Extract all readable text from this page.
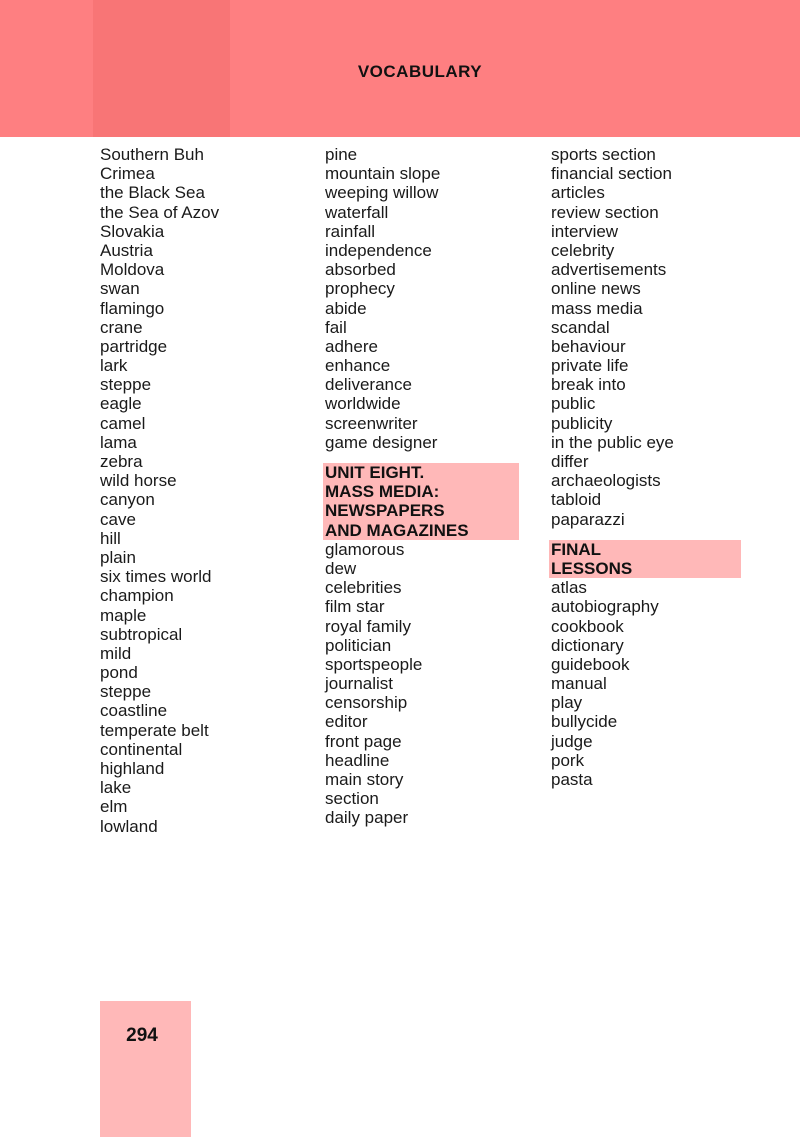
VOCABULARY
Southern Buh
Crimea
the Black Sea
the Sea of Azov
Slovakia
Austria
Moldova
swan
flamingo
crane
partridge
lark
steppe
eagle
camel
lama
zebra
wild horse
canyon
cave
hill
plain
six times world
champion
maple
subtropical
mild
pond
steppe
coastline
temperate belt
continental
highland
lake
elm
lowland
pine
mountain slope
weeping willow
waterfall
rainfall
independence
absorbed
prophecy
abide
fail
adhere
enhance
deliverance
worldwide
screenwriter
game designer
UNIT EIGHT.
MASS MEDIA:
NEWSPAPERS
AND MAGAZINES
glamorous
dew
celebrities
film star
royal family
politician
sportspeople
journalist
censorship
editor
front page
headline
main story
section
daily paper
sports section
financial section
articles
review section
interview
celebrity
advertisements
online news
mass media
scandal
behaviour
private life
break into
public
publicity
in the public eye
differ
archaeologists
tabloid
paparazzi
FINAL
LESSONS
atlas
autobiography
cookbook
dictionary
guidebook
manual
play
bullycide
judge
pork
pasta
294
